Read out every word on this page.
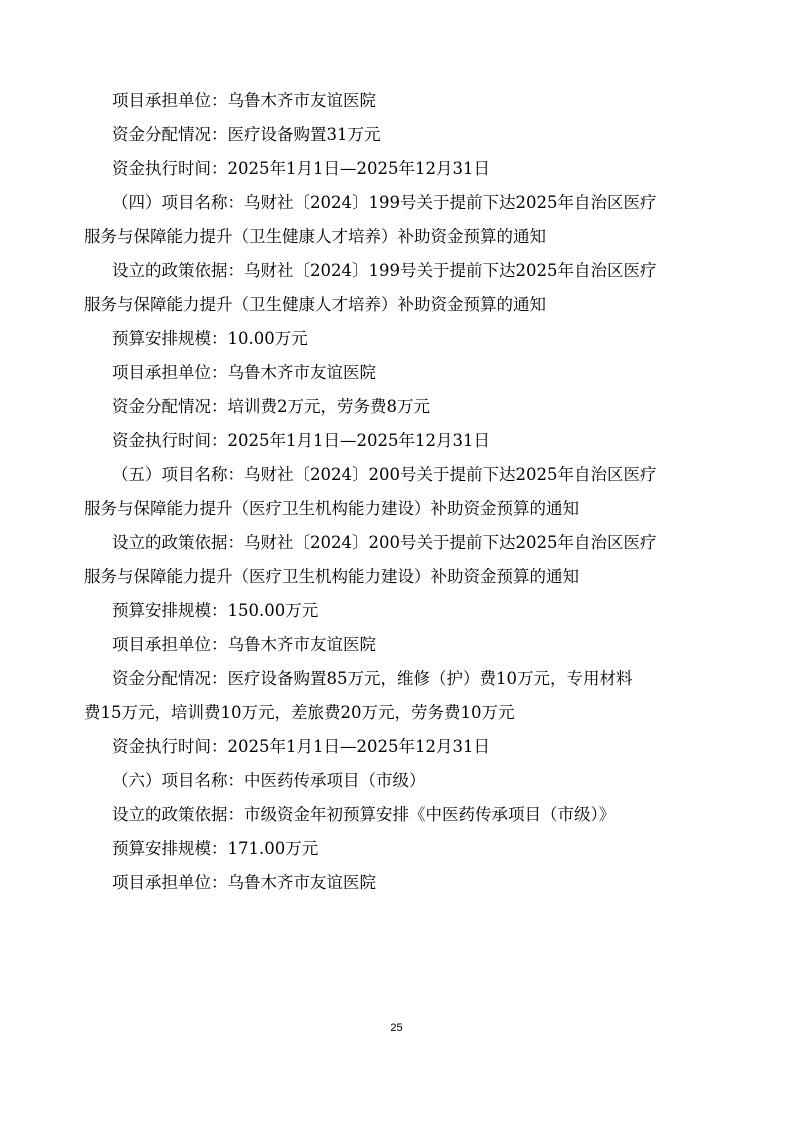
项目承担单位：乌鲁木齐市友谊医院

资金分配情况：医疗设备购置31万元

资金执行时间：2025年1月1日—2025年12月31日

（四）项目名称：乌财社〔2024〕199号关于提前下达2025年自治区医疗

服务与保障能力提升（卫生健康人才培养）补助资金预算的通知

设立的政策依据：乌财社〔2024〕199号关于提前下达2025年自治区医疗

服务与保障能力提升（卫生健康人才培养）补助资金预算的通知

预算安排规模：10.00万元

项目承担单位：乌鲁木齐市友谊医院

资金分配情况：培训费2万元，劳务费8万元

资金执行时间：2025年1月1日—2025年12月31日

（五）项目名称：乌财社〔2024〕200号关于提前下达2025年自治区医疗

服务与保障能力提升（医疗卫生机构能力建设）补助资金预算的通知

设立的政策依据：乌财社〔2024〕200号关于提前下达2025年自治区医疗

服务与保障能力提升（医疗卫生机构能力建设）补助资金预算的通知

预算安排规模：150.00万元

项目承担单位：乌鲁木齐市友谊医院

资金分配情况：医疗设备购置85万元，维修（护）费10万元，专用材料

费15万元，培训费10万元，差旅费20万元，劳务费10万元

资金执行时间：2025年1月1日—2025年12月31日

（六）项目名称：中医药传承项目（市级）

设立的政策依据：市级资金年初预算安排《中医药传承项目（市级）》

预算安排规模：171.00万元

项目承担单位：乌鲁木齐市友谊医院

25
